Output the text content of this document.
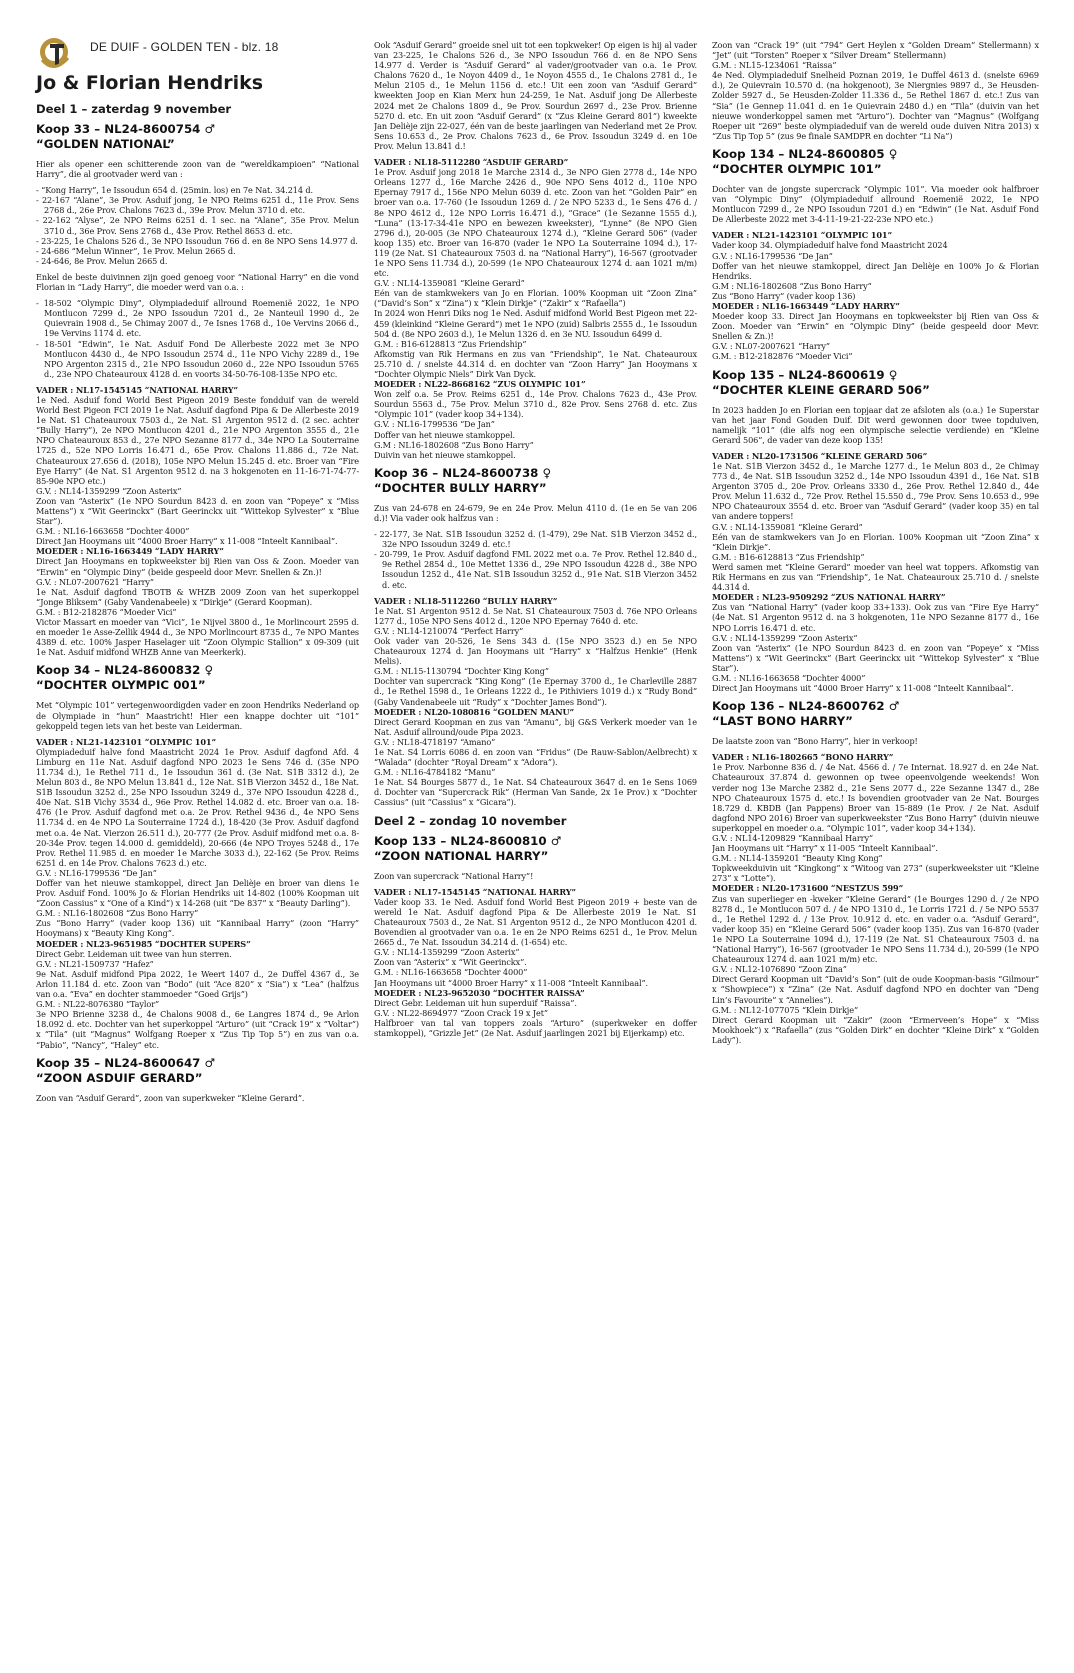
DE DUIF - GOLDEN TEN - blz. 18
Jo & Florian Hendriks
Deel 1 – zaterdag 9 november
Koop 33 – NL24-8600754 ♂
“GOLDEN NATIONAL”
Hier als opener een schitterende zoon van de “wereldkampioen” “National Harry”, die al grootvader werd van :
- “Kong Harry”, 1e Issoudun 654 d. (25min. los) en 7e Nat. 34.214 d.
- 22-167 “Alane”, 3e Prov. Asduif jong, 1e NPO Reims 6251 d., 11e Prov. Sens 2768 d., 26e Prov. Chalons 7623 d., 39e Prov. Melun 3710 d. etc.
- 22-162 “Alyse”, 2e NPO Reims 6251 d. 1 sec. na “Alane”, 35e Prov. Melun 3710 d., 36e Prov. Sens 2768 d., 43e Prov. Rethel 8653 d. etc.
- 23-225, 1e Chalons 526 d., 3e NPO Issoudun 766 d. en 8e NPO Sens 14.977 d.
- 24-686 “Melun Winner”, 1e Prov. Melun 2665 d.
- 24-646, 8e Prov. Melun 2665 d.
Enkel de beste duivinnen zijn goed genoeg voor “National Harry” en die vond Florian in “Lady Harry”, die moeder werd van o.a. :
- 18-502 “Olympic Diny”, Olympiadeduif allround Roemenië 2022, 1e NPO Montlucon 7299 d., 2e NPO Issoudun 7201 d., 2e Nanteuil 1990 d., 2e Quievrain 1908 d., 5e Chimay 2007 d., 7e Isnes 1768 d., 10e Vervins 2066 d., 19e Vervins 1174 d. etc.
- 18-501 “Edwin”, 1e Nat. Asduif Fond De Allerbeste 2022 met 3e NPO Montlucon 4430 d., 4e NPO Issoudun 2574 d., 11e NPO Vichy 2289 d., 19e NPO Argenton 2315 d., 21e NPO Issoudun 2060 d., 22e NPO Issoudun 5765 d., 23e NPO Chateauroux 4128 d. en voorts 34-50-76-108-135e NPO etc.
VADER : NL17-1545145 “NATIONAL HARRY”
1e Ned. Asduif fond World Best Pigeon 2019 Beste fondduif van de wereld World Best Pigeon FCI 2019 1e Nat. Asduif dagfond Pipa & De Allerbeste 2019 1e Nat. S1 Chateauroux 7503 d., 2e Nat. S1 Argenton 9512 d. (2 sec. achter “Bully Harry”), 2e NPO Montlucon 4201 d., 21e NPO Argenton 3555 d., 21e NPO Chateauroux 853 d., 27e NPO Sezanne 8177 d., 34e NPO La Souterraine 1725 d., 52e NPO Lorris 16.471 d., 65e Prov. Chalons 11.886 d., 72e Nat. Chateauroux 27.656 d. (2018), 105e NPO Melun 15.245 d. etc. Broer van “Fire Eye Harry” (4e Nat. S1 Argenton 9512 d. na 3 hokgenoten en 11-16-71-74-77-85-90e NPO etc.)
G.V. : NL14-1359299 “Zoon Asterix”
Zoon van “Asterix” (1e NPO Sourdun 8423 d. en zoon van “Popeye” x “Miss Mattens”) x “Wit Geerinckx” (Bart Geerinckx uit “Wittekop Sylvester” x “Blue Star”).
G.M. : NL16-1663658 “Dochter 4000”
Direct Jan Hooymans uit “4000 Broer Harry” x 11-008 “Inteelt Kannibaal”.
MOEDER : NL16-1663449 “LADY HARRY”
Direct Jan Hooymans en topkweekster bij Rien van Oss & Zoon. Moeder van “Erwin” en “Olympic Diny” (beide gespeeld door Mevr. Snellen & Zn.)!
G.V. : NL07-2007621 “Harry”
1e Nat. Asduif dagfond TBOTB & WHZB 2009 Zoon van het superkoppel “Jonge Bliksem” (Gaby Vandenabeele) x “Dirkje” (Gerard Koopman).
G.M. : B12-2182876 “Moeder Vici”
Victor Massart en moeder van “Vici”, 1e Nijvel 3800 d., 1e Morlincourt 2595 d. en moeder 1e Asse-Zellik 4944 d., 3e NPO Morlincourt 8735 d., 7e NPO Mantes 4389 d. etc. 100% Jasper Haselager uit “Zoon Olympic Stallion” x 09-309 (uit 1e Nat. Asduif midfond WHZB Anne van Meerkerk).
Koop 34 – NL24-8600832 ♀
“DOCHTER OLYMPIC 001”
Met “Olympic 101” vertegenwoordigden vader en zoon Hendriks Nederland op de Olympiade in “hun” Maastricht! Hier een knappe dochter uit “101” gekoppeld tegen iets van het beste van Leiderman.
VADER : NL21-1423101 “OLYMPIC 101”
Olympiadeduif halve fond Maastricht 2024 1e Prov. Asduif dagfond Afd. 4 Limburg en 11e Nat. Asduif dagfond NPO 2023 1e Sens 746 d. (35e NPO 11.734 d.), 1e Rethel 711 d., 1e Issoudun 361 d. (3e Nat. S1B 3312 d.), 2e Melun 803 d., 8e NPO Melun 13.841 d., 12e Nat. S1B Vierzon 3452 d., 18e Nat. S1B Issoudun 3252 d., 25e NPO Issoudun 3249 d., 37e NPO Issoudun 4228 d., 40e Nat. S1B Vichy 3534 d., 96e Prov. Rethel 14.082 d. etc. Broer van o.a. 18-476 (1e Prov. Asduif dagfond met o.a. 2e Prov. Rethel 9436 d., 4e NPO Sens 11.734 d. en 4e NPO La Souterraine 1724 d.), 18-420 (3e Prov. Asduif dagfond met o.a. 4e Nat. Vierzon 26.511 d.), 20-777 (2e Prov. Asduif midfond met o.a. 8-20-34e Prov. tegen 14.000 d. gemiddeld), 20-666 (4e NPO Troyes 5248 d., 17e Prov. Rethel 11.985 d. en moeder 1e Marche 3033 d.), 22-162 (5e Prov. Reims 6251 d. en 14e Prov. Chalons 7623 d.) etc.
G.V. : NL16-1799536 “De Jan”
Doffer van het nieuwe stamkoppel, direct Jan Delièje en broer van diens 1e Prov. Asduif Fond. 100% Jo & Florian Hendriks uit 14-802 (100% Koopman uit “Zoon Cassius” x “One of a Kind”) x 14-268 (uit “De 837” x “Beauty Darling”).
G.M. : NL16-1802608 “Zus Bono Harry”
Zus “Bono Harry” (vader koop 136) uit “Kannibaal Harry” (zoon “Harry” Hooymans) x “Beauty King Kong”.
MOEDER : NL23-9651985 “DOCHTER SUPERS”
Direct Gebr. Leideman uit twee van hun sterren.
G.V. : NL21-1509737 “Hafez”
9e Nat. Asduif midfond Pipa 2022, 1e Weert 1407 d., 2e Duffel 4367 d., 3e Arlon 11.184 d. etc. Zoon van “Bodo” (uit “Ace 820” x “Sia”) x “Lea” (halfzus van o.a. “Eva” en dochter stammoeder “Goed Grijs”)
G.M. : NL22-8076380 “Taylor”
3e NPO Brienne 3238 d., 4e Chalons 9008 d., 6e Langres 1874 d., 9e Arlon 18.092 d. etc. Dochter van het superkoppel “Arturo” (uit “Crack 19” x “Voltar”) x “Tila” (uit “Magnus” Wolfgang Roeper x “Zus Tip Top 5”) en zus van o.a. “Pabio”, “Nancy”, “Haley” etc.
Koop 35 – NL24-8600647 ♂
“ZOON ASDUIF GERARD”
Zoon van “Asduif Gerard”, zoon van superkweker “Kleine Gerard”.
Ook “Asduif Gerard” groeide snel uit tot een topkweker! Op eigen is hij al vader van 23-225, 1e Chalons 526 d., 3e NPO Issoudun 766 d. en 8e NPO Sens 14.977 d. Verder is “Asduif Gerard” al vader/grootvader van o.a. 1e Prov. Chalons 7620 d., 1e Noyon 4409 d., 1e Noyon 4555 d., 1e Chalons 2781 d., 1e Melun 2105 d., 1e Melun 1156 d. etc.! Uit een zoon van “Asduif Gerard” kweekten Joop en Kian Merx hun 24-259, 1e Nat. Asduif jong De Allerbeste 2024 met 2e Chalons 1809 d., 9e Prov. Sourdun 2697 d., 23e Prov. Brienne 5270 d. etc. En uit zoon “Asduif Gerard” (x “Zus Kleine Gerard 801”) kweekte Jan Delièje zijn 22-027, één van de beste jaarlingen van Nederland met 2e Prov. Sens 10.653 d., 2e Prov. Chalons 7623 d., 6e Prov. Issoudun 3249 d. en 10e Prov. Melun 13.841 d.!
VADER : NL18-5112280 “ASDUIF GERARD”
1e Prov. Asduif jong 2018 1e Marche 2314 d., 3e NPO Gien 2778 d., 14e NPO Orleans 1277 d., 16e Marche 2426 d., 90e NPO Sens 4012 d., 110e NPO Epernay 7917 d., 156e NPO Melun 6039 d. etc. Zoon van het “Golden Pair” en broer van o.a. 17-760 (1e Issoudun 1269 d. / 2e NPO 5233 d., 1e Sens 476 d. / 8e NPO 4612 d., 12e NPO Lorris 16.471 d.), “Grace” (1e Sezanne 1555 d.), “Luna” (13-17-34-41e NPO en bewezen kweekster), “Lynne” (8e NPO Gien 2796 d.), 20-005 (3e NPO Chateauroux 1274 d.), “Kleine Gerard 506” (vader koop 135) etc. Broer van 16-870 (vader 1e NPO La Souterraine 1094 d.), 17-119 (2e Nat. S1 Chateauroux 7503 d. na “National Harry”), 16-567 (grootvader 1e NPO Sens 11.734 d.), 20-599 (1e NPO Chateauroux 1274 d. aan 1021 m/m) etc.
G.V. : NL14-1359081 “Kleine Gerard”
Eén van de stamkwekers van Jo en Florian. 100% Koopman uit “Zoon Zina” (“David’s Son” x “Zina”) x “Klein Dirkje” (“Zakir” x “Rafaella”)
In 2024 won Henri Diks nog 1e Ned. Asduif midfond World Best Pigeon met 22-459 (kleinkind “Kleine Gerard”) met 1e NPO (zuid) Salbris 2555 d., 1e Issoudun 504 d. (8e NPO 2603 d.), 1e Melun 1326 d. en 3e NU. Issoudun 6499 d.
G.M. : B16-6128813 “Zus Friendship”
Afkomstig van Rik Hermans en zus van “Friendship”, 1e Nat. Chateauroux 25.710 d. / snelste 44.314 d. en dochter van “Zoon Harry” Jan Hooymans x “Dochter Olympic Niels” Dirk Van Dyck.
MOEDER : NL22-8668162 “ZUS OLYMPIC 101”
Won zelf o.a. 5e Prov. Reims 6251 d., 14e Prov. Chalons 7623 d., 43e Prov. Sourdun 5563 d., 75e Prov. Melun 3710 d., 82e Prov. Sens 2768 d. etc. Zus “Olympic 101” (vader koop 34+134).
G.V. : NL16-1799536 “De Jan”
Doffer van het nieuwe stamkoppel.
G.M : NL16-1802608 “Zus Bono Harry”
Duivin van het nieuwe stamkoppel.
Koop 36 – NL24-8600738 ♀
“DOCHTER BULLY HARRY”
Zus van 24-678 en 24-679, 9e en 24e Prov. Melun 4110 d. (1e en 5e van 206 d.)! Via vader ook halfzus van :
- 22-177, 3e Nat. S1B Issoudun 3252 d. (1-479), 29e Nat. S1B Vierzon 3452 d., 32e NPO Issoudun 3249 d. etc.!
- 20-799, 1e Prov. Asduif dagfond FML 2022 met o.a. 7e Prov. Rethel 12.840 d., 9e Rethel 2854 d., 10e Mettet 1336 d., 29e NPO Issoudun 4228 d., 38e NPO Issoudun 1252 d., 41e Nat. S1B Issoudun 3252 d., 91e Nat. S1B Vierzon 3452 d. etc.
VADER : NL18-5112260 “BULLY HARRY”
1e Nat. S1 Argenton 9512 d. 5e Nat. S1 Chateauroux 7503 d. 76e NPO Orleans 1277 d., 105e NPO Sens 4012 d., 120e NPO Epernay 7640 d. etc.
G.V. : NL14-1210074 “Perfect Harry”
Ook vader van 20-526, 1e Sens 343 d. (15e NPO 3523 d.) en 5e NPO Chateauroux 1274 d. Jan Hooymans uit “Harry” x “Halfzus Henkie” (Henk Melis).
G.M. : NL15-1130794 “Dochter King Kong”
Dochter van supercrack “King Kong” (1e Epernay 3700 d., 1e Charleville 2887 d., 1e Rethel 1598 d., 1e Orleans 1222 d., 1e Pithiviers 1019 d.) x “Rudy Bond” (Gaby Vandenabeele uit “Rudy” x “Dochter James Bond”).
MOEDER : NL20-1080816 “GOLDEN MANU”
Direct Gerard Koopman en zus van “Amanu”, bij G&S Verkerk moeder van 1e Nat. Asduif allround/oude Pipa 2023.
G.V. : NL18-4718197 “Amano”
1e Nat. S4 Lorris 6086 d. en zoon van “Fridus” (De Rauw-Sablon/Aelbrecht) x “Walada” (dochter “Royal Dream” x “Adora”).
G.M. : NL16-4784182 “Manu”
1e Nat. S4 Bourges 5877 d., 1e Nat. S4 Chateauroux 3647 d. en 1e Sens 1069 d. Dochter van “Supercrack Rik” (Herman Van Sande, 2x 1e Prov.) x “Dochter Cassius” (uit “Cassius” x “Gicara”).
Deel 2 – zondag 10 november
Koop 133 – NL24-8600810 ♂
“ZOON NATIONAL HARRY”
Zoon van supercrack “National Harry”!
VADER : NL17-1545145 “NATIONAL HARRY”
Vader koop 33. 1e Ned. Asduif fond World Best Pigeon 2019 + beste van de wereld 1e Nat. Asduif dagfond Pipa & De Allerbeste 2019 1e Nat. S1 Chateauroux 7503 d., 2e Nat. S1 Argenton 9512 d., 2e NPO Montlucon 4201 d. Bovendien al grootvader van o.a. 1e en 2e NPO Reims 6251 d., 1e Prov. Melun 2665 d., 7e Nat. Issoudun 34.214 d. (1-654) etc.
G.V. : NL14-1359299 “Zoon Asterix”
Zoon van “Asterix” x “Wit Geerinckx”.
G.M. : NL16-1663658 “Dochter 4000”
Jan Hooymans uit “4000 Broer Harry” x 11-008 “Inteelt Kannibaal”.
MOEDER : NL23-9652030 “DOCHTER RAISSA”
Direct Gebr. Leideman uit hun superduif “Raissa”.
G.V. : NL22-8694977 “Zoon Crack 19 x Jet”
Halfbroer van tal van toppers zoals “Arturo” (superkweker en doffer stamkoppel), “Grizzle Jet” (2e Nat. Asduif jaarlingen 2021 bij Eijerkamp) etc.
Zoon van “Crack 19” (uit “794” Gert Heylen x “Golden Dream” Stellermann) x “Jet” (uit “Torsten” Roeper x “Silver Dream” Stellermann)
G.M. : NL15-1234061 “Raissa”
4e Ned. Olympiadeduif Snelheid Poznan 2019, 1e Duffel 4613 d. (snelste 6969 d.), 2e Quievrain 10.570 d. (na hokgenoot), 3e Niergnies 9897 d., 3e Heusden-Zolder 5927 d., 5e Heusden-Zolder 11.336 d., 5e Rethel 1867 d. etc.! Zus van “Sia” (1e Gennep 11.041 d. en 1e Quievrain 2480 d.) en “Tila” (duivin van het nieuwe wonderkoppel samen met “Arturo”). Dochter van “Magnus” (Wolfgang Roeper uit “269” beste olympiadeduif van de wereld oude duiven Nitra 2013) x “Zus Tip Top 5” (zus 9e finale SAMDPR en dochter “Li Na”)
Koop 134 – NL24-8600805 ♀
“DOCHTER OLYMPIC 101”
Dochter van de jongste supercrack “Olympic 101”. Via moeder ook halfbroer van “Olympic Diny” (Olympiadeduif allround Roemenië 2022, 1e NPO Montlucon 7299 d., 2e NPO Issoudun 7201 d.) en “Edwin” (1e Nat. Asduif Fond De Allerbeste 2022 met 3-4-11-19-21-22-23e NPO etc.)
VADER : NL21-1423101 “OLYMPIC 101”
Vader koop 34. Olympiadeduif halve fond Maastricht 2024
G.V. : NL16-1799536 “De Jan”
Doffer van het nieuwe stamkoppel, direct Jan Delièje en 100% Jo & Florian Hendriks.
G.M : NL16-1802608 “Zus Bono Harry”
Zus “Bono Harry” (vader koop 136)
MOEDER : NL16-1663449 “LADY HARRY”
Moeder koop 33. Direct Jan Hooymans en topkweekster bij Rien van Oss & Zoon. Moeder van “Erwin” en “Olympic Diny” (beide gespeeld door Mevr. Snellen & Zn.)!
G.V. : NL07-2007621 “Harry”
G.M. : B12-2182876 “Moeder Vici”
Koop 135 – NL24-8600619 ♀
“DOCHTER KLEINE GERARD 506”
In 2023 hadden Jo en Florian een topjaar dat ze afsloten als (o.a.) 1e Superstar van het jaar Fond Gouden Duif. Dit werd gewonnen door twee topduiven, namelijk “101” (die alfs nog een olympische selectie verdiende) en “Kleine Gerard 506”, de vader van deze koop 135!
VADER : NL20-1731506 “KLEINE GERARD 506”
1e Nat. S1B Vierzon 3452 d., 1e Marche 1277 d., 1e Melun 803 d., 2e Chimay 773 d., 4e Nat. S1B Issoudun 3252 d., 14e NPO Issoudun 4391 d., 16e Nat. S1B Argenton 3705 d., 20e Prov. Orleans 3330 d., 26e Prov. Rethel 12.840 d., 44e Prov. Melun 11.632 d., 72e Prov. Rethel 15.550 d., 79e Prov. Sens 10.653 d., 99e NPO Chateauroux 3554 d. etc. Broer van “Asduif Gerard” (vader koop 35) en tal van andere toppers!
G.V. : NL14-1359081 “Kleine Gerard”
Eén van de stamkwekers van Jo en Florian. 100% Koopman uit “Zoon Zina” x “Klein Dirkje”.
G.M. : B16-6128813 “Zus Friendship”
Werd samen met “Kleine Gerard” moeder van heel wat toppers. Afkomstig van Rik Hermans en zus van “Friendship”, 1e Nat. Chateauroux 25.710 d. / snelste 44.314 d.
MOEDER : NL23-9509292 “ZUS NATIONAL HARRY”
Zus van “National Harry” (vader koop 33+133). Ook zus van “Fire Eye Harry” (4e Nat. S1 Argenton 9512 d. na 3 hokgenoten, 11e NPO Sezanne 8177 d., 16e NPO Lorris 16.471 d. etc.
G.V. : NL14-1359299 “Zoon Asterix”
Zoon van “Asterix” (1e NPO Sourdun 8423 d. en zoon van “Popeye” x “Miss Mattens”) x “Wit Geerinckx” (Bart Geerinckx uit “Wittekop Sylvester” x “Blue Star”).
G.M. : NL16-1663658 “Dochter 4000”
Direct Jan Hooymans uit “4000 Broer Harry” x 11-008 “Inteelt Kannibaal”.
Koop 136 – NL24-8600762 ♂
“LAST BONO HARRY”
De laatste zoon van “Bono Harry”, hier in verkoop!
VADER : NL16-1802665 “BONO HARRY”
1e Prov. Narbonne 836 d. / 4e Nat. 4566 d. / 7e Internat. 18.927 d. en 24e Nat. Chateauroux 37.874 d. gewonnen op twee opeenvolgende weekends! Won verder nog 13e Marche 2382 d., 21e Sens 2077 d., 22e Sezanne 1347 d., 28e NPO Chateauroux 1575 d. etc.! Is bovendien grootvader van 2e Nat. Bourges 18.729 d. KBDB (Jan Pappens) Broer van 15-889 (1e Prov. / 2e Nat. Asduif dagfond NPO 2016) Broer van superkweekster “Zus Bono Harry” (duivin nieuwe superkoppel en moeder o.a. “Olympic 101”, vader koop 34+134).
G.V. : NL14-1209829 “Kannibaal Harry”
Jan Hooymans uit “Harry” x 11-005 “Inteelt Kannibaal”.
G.M. : NL14-1359201 “Beauty King Kong”
Topkweekduivin uit “Kingkong” x “Witoog van 273” (superkweekster uit “Kleine 273” x “Lotte”).
MOEDER : NL20-1731600 “NESTZUS 599”
Zus van superlieger en -kweker “Kleine Gerard” (1e Bourges 1290 d. / 2e NPO 8278 d., 1e Montlucon 507 d. / 4e NPO 1310 d., 1e Lorris 1721 d. / 5e NPO 5537 d., 1e Rethel 1292 d. / 13e Prov. 10.912 d. etc. en vader o.a. “Asduif Gerard”, vader koop 35) en “Kleine Gerard 506” (vader koop 135). Zus van 16-870 (vader 1e NPO La Souterraine 1094 d.), 17-119 (2e Nat. S1 Chateauroux 7503 d. na “National Harry”), 16-567 (grootvader 1e NPO Sens 11.734 d.), 20-599 (1e NPO Chateauroux 1274 d. aan 1021 m/m) etc.
G.V. : NL12-1076890 “Zoon Zina”
Direct Gerard Koopman uit “David’s Son” (uit de oude Koopman-basis “Gilmour” x “Showpiece”) x “Zina” (2e Nat. Asduif dagfond NPO en dochter van “Deng Lin’s Favourite” x “Annelies”).
G.M. : NL12-1077075 “Klein Dirkje”
Direct Gerard Koopman uit “Zakir” (zoon “Ermerveen’s Hope” x “Miss Mookhoek”) x “Rafaella” (zus “Golden Dirk” en dochter “Kleine Dirk” x “Golden Lady”).
